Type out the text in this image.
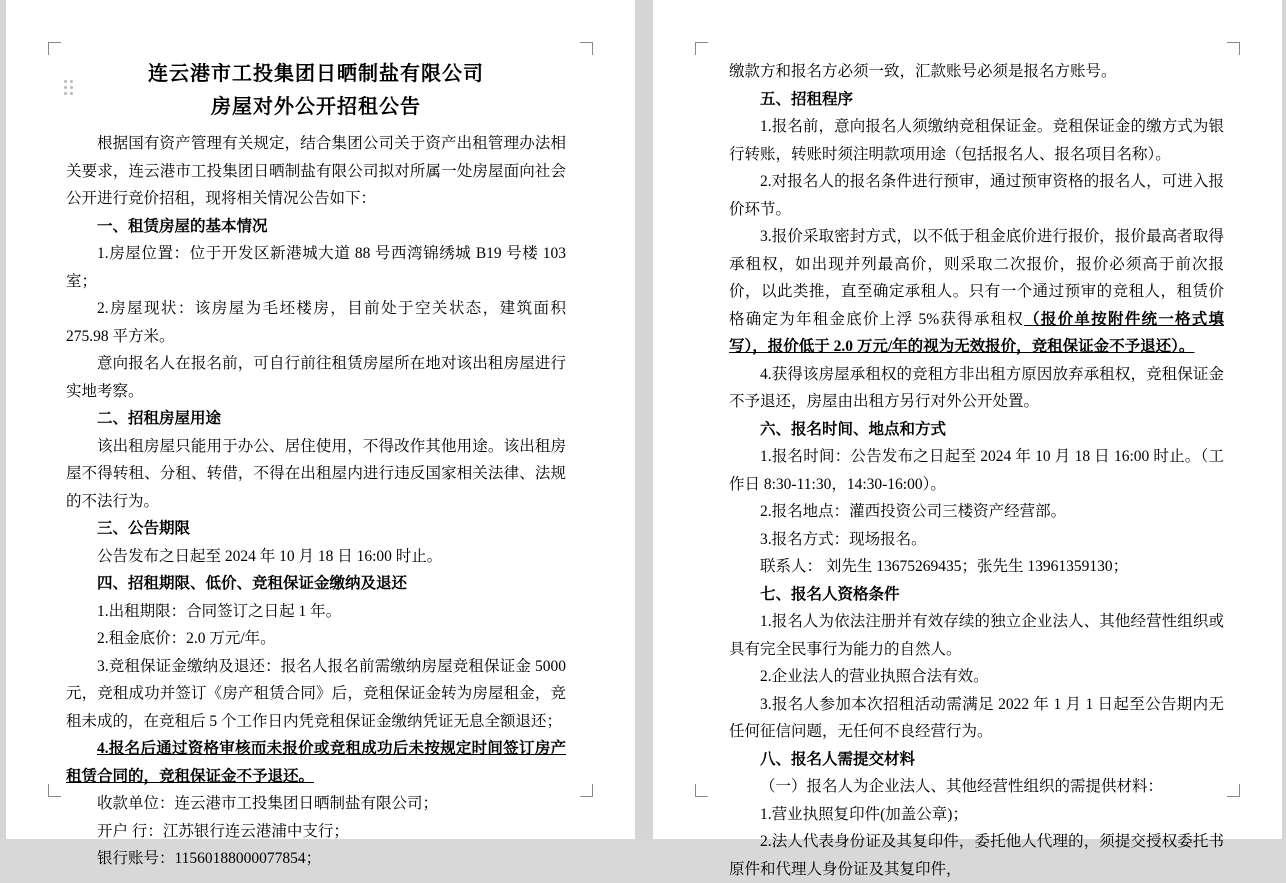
连云港市工投集团日晒制盐有限公司
房屋对外公开招租公告

根据国有资产管理有关规定，结合集团公司关于资产出租管理办法相关要求，连云港市工投集团日晒制盐有限公司拟对所属一处房屋面向社会公开进行竞价招租，现将相关情况公告如下：

一、租赁房屋的基本情况

1.房屋位置：位于开发区新港城大道 88 号西湾锦绣城 B19 号楼 103 室；

2.房屋现状：该房屋为毛坯楼房，目前处于空关状态，建筑面积 275.98 平方米。

意向报名人在报名前，可自行前往租赁房屋所在地对该出租房屋进行实地考察。

二、招租房屋用途

该出租房屋只能用于办公、居住使用，不得改作其他用途。该出租房屋不得转租、分租、转借，不得在出租屋内进行违反国家相关法律、法规的不法行为。

三、公告期限

公告发布之日起至 2024 年 10 月 18 日 16:00 时止。

四、招租期限、低价、竞租保证金缴纳及退还

1.出租期限：合同签订之日起 1 年。

2.租金底价：2.0 万元/年。

3.竞租保证金缴纳及退还：报名人报名前需缴纳房屋竞租保证金 5000 元，竞租成功并签订《房产租赁合同》后，竞租保证金转为房屋租金，竞租未成的，在竞租后 5 个工作日内凭竞租保证金缴纳凭证无息全额退还；

4.报名后通过资格审核而未报价或竞租成功后未按规定时间签订房产租赁合同的，竞租保证金不予退还。

收款单位：连云港市工投集团日晒制盐有限公司；

开户 行：江苏银行连云港浦中支行；

银行账号：11560188000077854；

缴款方和报名方必须一致，汇款账号必须是报名方账号。

五、招租程序

1.报名前，意向报名人须缴纳竞租保证金。竞租保证金的缴方式为银行转账，转账时须注明款项用途（包括报名人、报名项目名称）。

2.对报名人的报名条件进行预审，通过预审资格的报名人，可进入报价环节。

3.报价采取密封方式，以不低于租金底价进行报价，报价最高者取得承租权，如出现并列最高价，则采取二次报价，报价必须高于前次报价，以此类推，直至确定承租人。只有一个通过预审的竞租人，租赁价格确定为年租金底价上浮 5%获得承租权（报价单按附件统一格式填写），报价低于 2.0 万元/年的视为无效报价，竞租保证金不予退还）。

4.获得该房屋承租权的竞租方非出租方原因放弃承租权，竞租保证金不予退还，房屋由出租方另行对外公开处置。

六、报名时间、地点和方式

1.报名时间：公告发布之日起至 2024 年 10 月 18 日 16:00 时止。（工作日 8:30-11:30，14:30-16:00）。

2.报名地点：灌西投资公司三楼资产经营部。

3.报名方式：现场报名。

联系人： 刘先生 13675269435；张先生 13961359130；

七、报名人资格条件

1.报名人为依法注册并有效存续的独立企业法人、其他经营性组织或具有完全民事行为能力的自然人。

2.企业法人的营业执照合法有效。

3.报名人参加本次招租活动需满足 2022 年 1 月 1 日起至公告期内无任何征信问题，无任何不良经营行为。

八、报名人需提交材料

（一）报名人为企业法人、其他经营性组织的需提供材料：

1.营业执照复印件(加盖公章)；

2.法人代表身份证及其复印件，委托他人代理的，须提交授权委托书原件和代理人身份证及其复印件，
